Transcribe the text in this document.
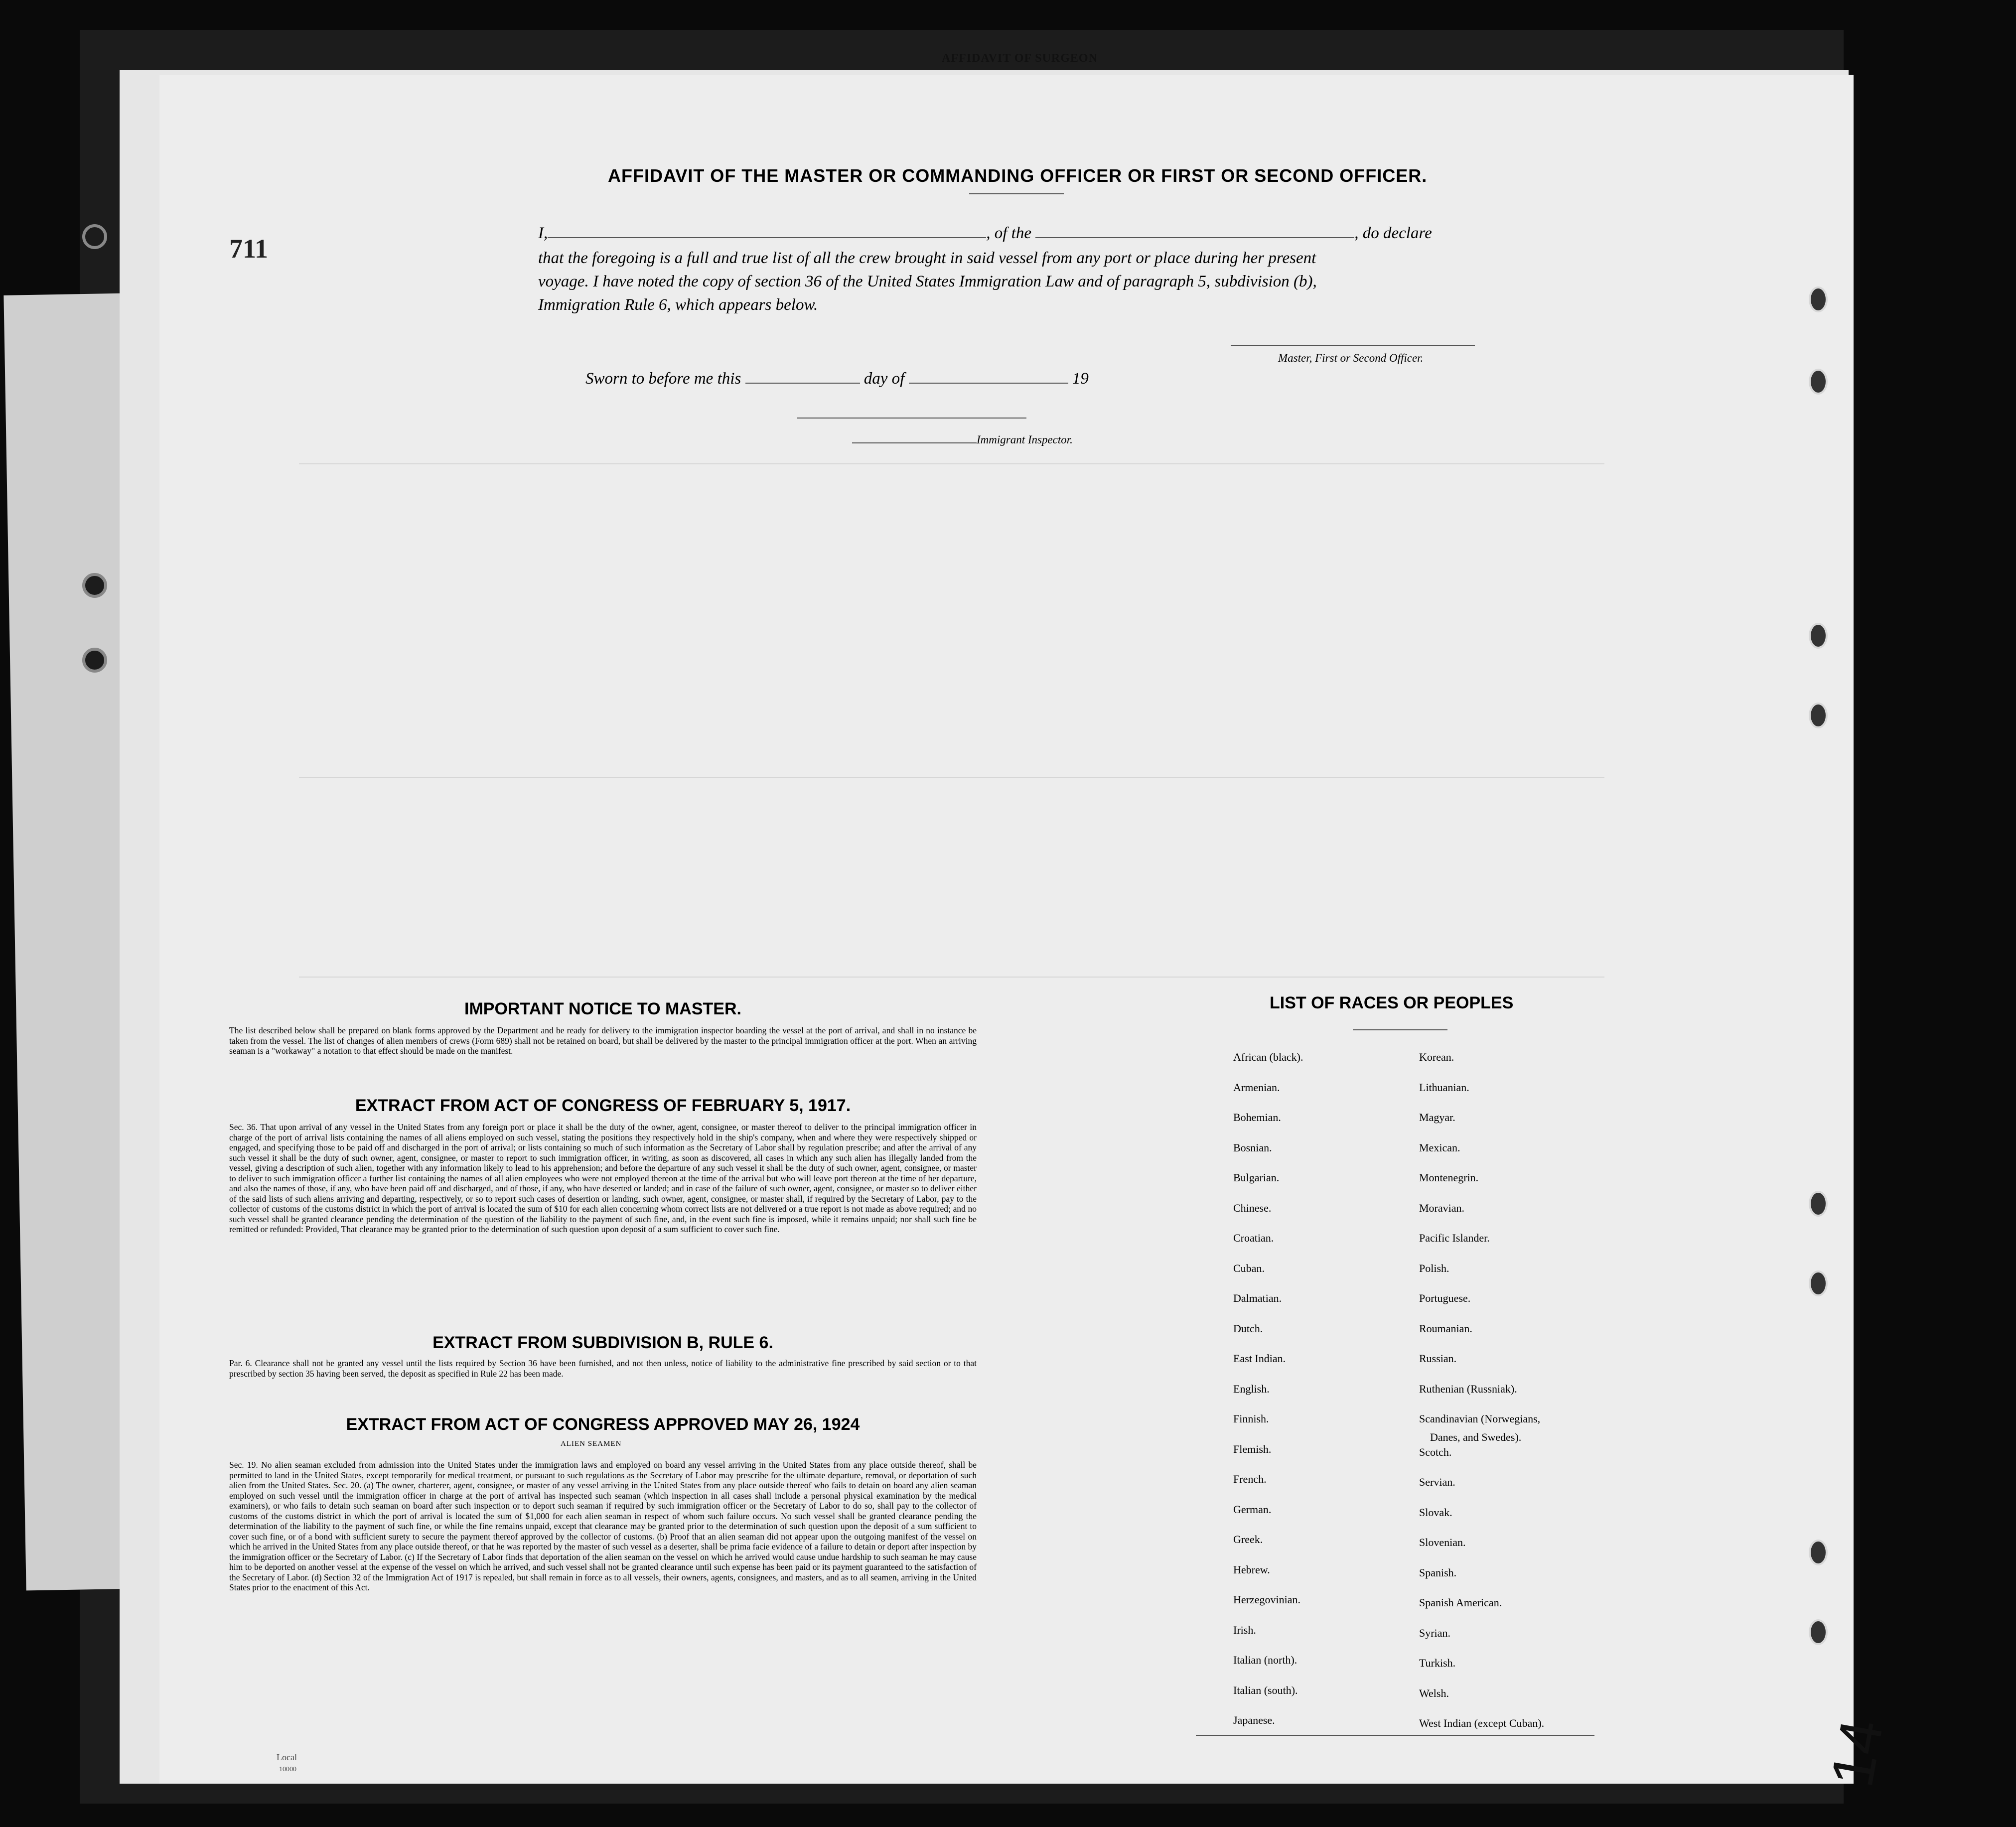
AFFIDAVIT OF SURGEON
711
AFFIDAVIT OF THE MASTER OR COMMANDING OFFICER OR FIRST OR SECOND OFFICER.
I,	, of the	, do declare
that the foregoing is a full and true list of all the crew brought in said vessel from any port or place during her present
voyage. I have noted the copy of section 36 of the United States Immigration Law and of paragraph 5, subdivision (b),
Immigration Rule 6, which appears below.
Master, First or Second Officer.
Sworn to before me this	day of	19
Immigrant Inspector.
IMPORTANT NOTICE TO MASTER.
The list described below shall be prepared on blank forms approved by the Department and be ready for delivery to the immigration inspector boarding the vessel at the port of arrival, and shall in no instance be taken from the vessel. The list of changes of alien members of crews (Form 689) shall not be retained on board, but shall be delivered by the master to the principal immigration officer at the port. When an arriving seaman is a "workaway" a notation to that effect should be made on the manifest.
EXTRACT FROM ACT OF CONGRESS OF FEBRUARY 5, 1917.
Sec. 36. That upon arrival of any vessel in the United States from any foreign port or place it shall be the duty of the owner, agent, consignee, or master thereof to deliver to the principal immigration officer in charge of the port of arrival lists containing the names of all aliens employed on such vessel, stating the positions they respectively hold in the ship's company, when and where they were respectively shipped or engaged, and specifying those to be paid off and discharged in the port of arrival; or lists containing so much of such information as the Secretary of Labor shall by regulation prescribe; and after the arrival of any such vessel it shall be the duty of such owner, agent, consignee, or master to report to such immigration officer, in writing, as soon as discovered, all cases in which any such alien has illegally landed from the vessel, giving a description of such alien, together with any information likely to lead to his apprehension; and before the departure of any such vessel it shall be the duty of such owner, agent, consignee, or master to deliver to such immigration officer a further list containing the names of all alien employees who were not employed thereon at the time of the arrival but who will leave port thereon at the time of her departure, and also the names of those, if any, who have been paid off and discharged, and of those, if any, who have deserted or landed; and in case of the failure of such owner, agent, consignee, or master so to deliver either of the said lists of such aliens arriving and departing, respectively, or so to report such cases of desertion or landing, such owner, agent, consignee, or master shall, if required by the Secretary of Labor, pay to the collector of customs of the customs district in which the port of arrival is located the sum of $10 for each alien concerning whom correct lists are not delivered or a true report is not made as above required; and no such vessel shall be granted clearance pending the determination of the question of the liability to the payment of such fine, and, in the event such fine is imposed, while it remains unpaid; nor shall such fine be remitted or refunded: Provided, That clearance may be granted prior to the determination of such question upon deposit of a sum sufficient to cover such fine.
EXTRACT FROM SUBDIVISION B, RULE 6.
Par. 6. Clearance shall not be granted any vessel until the lists required by Section 36 have been furnished, and not then unless, notice of liability to the administrative fine prescribed by said section or to that prescribed by section 35 having been served, the deposit as specified in Rule 22 has been made.
EXTRACT FROM ACT OF CONGRESS APPROVED MAY 26, 1924
ALIEN SEAMEN
Sec. 19. No alien seaman excluded from admission into the United States under the immigration laws and employed on board any vessel arriving in the United States from any place outside thereof, shall be permitted to land in the United States, except temporarily for medical treatment, or pursuant to such regulations as the Secretary of Labor may prescribe for the ultimate departure, removal, or deportation of such alien from the United States. Sec. 20. (a) The owner, charterer, agent, consignee, or master of any vessel arriving in the United States from any place outside thereof who fails to detain on board any alien seaman employed on such vessel until the immigration officer in charge at the port of arrival has inspected such seaman (which inspection in all cases shall include a personal physical examination by the medical examiners), or who fails to detain such seaman on board after such inspection or to deport such seaman if required by such immigration officer or the Secretary of Labor to do so, shall pay to the collector of customs of the customs district in which the port of arrival is located the sum of $1,000 for each alien seaman in respect of whom such failure occurs. No such vessel shall be granted clearance pending the determination of the liability to the payment of such fine, or while the fine remains unpaid, except that clearance may be granted prior to the determination of such question upon the deposit of a sum sufficient to cover such fine, or of a bond with sufficient surety to secure the payment thereof approved by the collector of customs. (b) Proof that an alien seaman did not appear upon the outgoing manifest of the vessel on which he arrived in the United States from any place outside thereof, or that he was reported by the master of such vessel as a deserter, shall be prima facie evidence of a failure to detain or deport after inspection by the immigration officer or the Secretary of Labor. (c) If the Secretary of Labor finds that deportation of the alien seaman on the vessel on which he arrived would cause undue hardship to such seaman he may cause him to be deported on another vessel at the expense of the vessel on which he arrived, and such vessel shall not be granted clearance until such expense has been paid or its payment guaranteed to the satisfaction of the Secretary of Labor. (d) Section 32 of the Immigration Act of 1917 is repealed, but shall remain in force as to all vessels, their owners, agents, consignees, and masters, and as to all seamen, arriving in the United States prior to the enactment of this Act.
LIST OF RACES OR PEOPLES
African (black).
Armenian.
Bohemian.
Bosnian.
Bulgarian.
Chinese.
Croatian.
Cuban.
Dalmatian.
Dutch.
East Indian.
English.
Finnish.
Flemish.
French.
German.
Greek.
Hebrew.
Herzegovinian.
Irish.
Italian (north).
Italian (south).
Japanese.
Korean.
Lithuanian.
Magyar.
Mexican.
Montenegrin.
Moravian.
Pacific Islander.
Polish.
Portuguese.
Roumanian.
Russian.
Ruthenian (Russniak).
Scandinavian (Norwegians,
Scotch.
Servian.
Slovak.
Slovenian.
Spanish.
Spanish American.
Syrian.
Turkish.
Welsh.
West Indian (except Cuban).
Danes, and Swedes).
Local
10000	14
